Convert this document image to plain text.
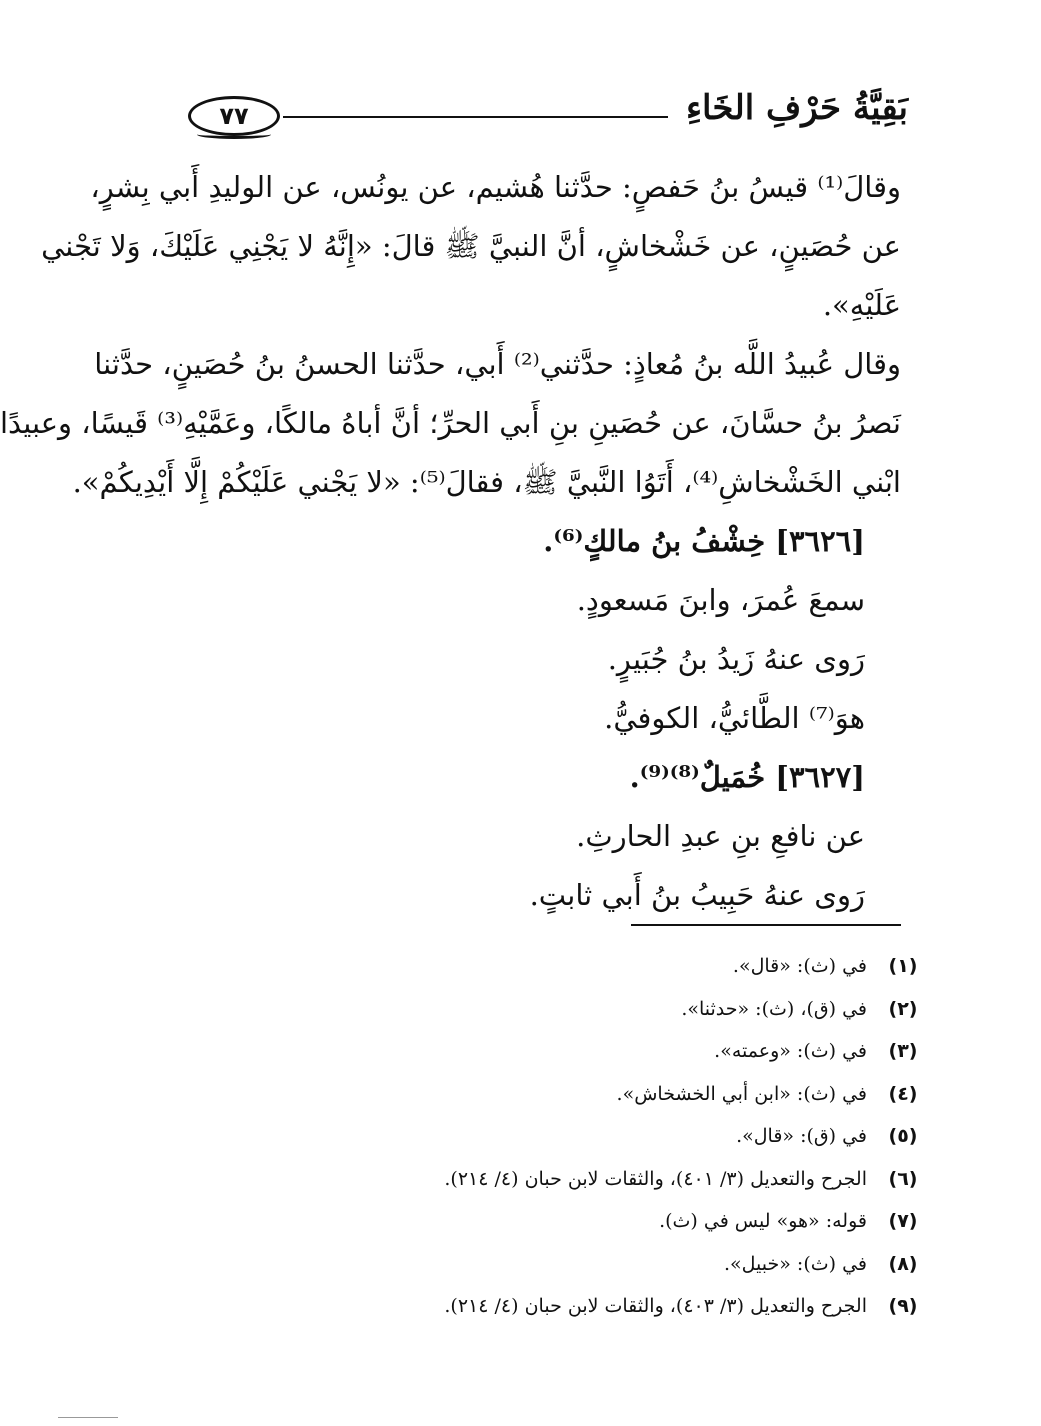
بَقِيَّةُ حَرْفِ الخَاءِ
٧٧
وقالَ⁽¹⁾ قيسُ بنُ حَفصٍ: حدَّثنا هُشيم، عن يونُس، عن الوليدِ أَبي بِشرٍ،
عن حُصَينٍ، عن خَشْخاشٍ، أنَّ النبيَّ ﷺ قالَ: «إِنَّهُ لا يَجْنِي عَلَيْكَ، وَلا تَجْني
عَلَيْهِ».
وقال عُبيدُ اللَّه بنُ مُعاذٍ: حدَّثني⁽²⁾ أَبي، حدَّثنا الحسنُ بنُ حُصَينٍ، حدَّثنا
نَصرُ بنُ حسَّانَ، عن حُصَينِ بنِ أَبي الحرِّ؛ أنَّ أباهُ مالكًا، وعَمَّيْهِ⁽³⁾ قَيسًا، وعبيدًا
ابْني الخَشْخاشِ⁽⁴⁾، أَتَوُا النَّبيَّ ﷺ، فقالَ⁽⁵⁾: «لا يَجْني عَلَيْكُمْ إِلَّا أَيْدِيكُمْ».
[٣٦٢٦] خِشْفُ بنُ مالكٍ⁽⁶⁾.
سمعَ عُمرَ، وابنَ مَسعودٍ.
رَوى عنهُ زَيدُ بنُ جُبَيرٍ.
هوَ⁽⁷⁾ الطَّائيُّ، الكوفيُّ.
[٣٦٢٧] خُمَيلٌ⁽⁸⁾⁽⁹⁾.
عن نافعِ بنِ عبدِ الحارثِ.
رَوى عنهُ حَبِيبُ بنُ أَبي ثابتٍ.
(١)
في (ث): «قال».
(٢)
في (ق)، (ث): «حدثنا».
(٣)
في (ث): «وعمته».
(٤)
في (ث): «ابن أبي الخشخاش».
(٥)
في (ق): «قال».
(٦)
الجرح والتعديل (٣/ ٤٠١)، والثقات لابن حبان (٤/ ٢١٤).
(٧)
قوله: «هو» ليس في (ث).
(٨)
في (ث): «خبيل».
(٩)
الجرح والتعديل (٣/ ٤٠٣)، والثقات لابن حبان (٤/ ٢١٤).
